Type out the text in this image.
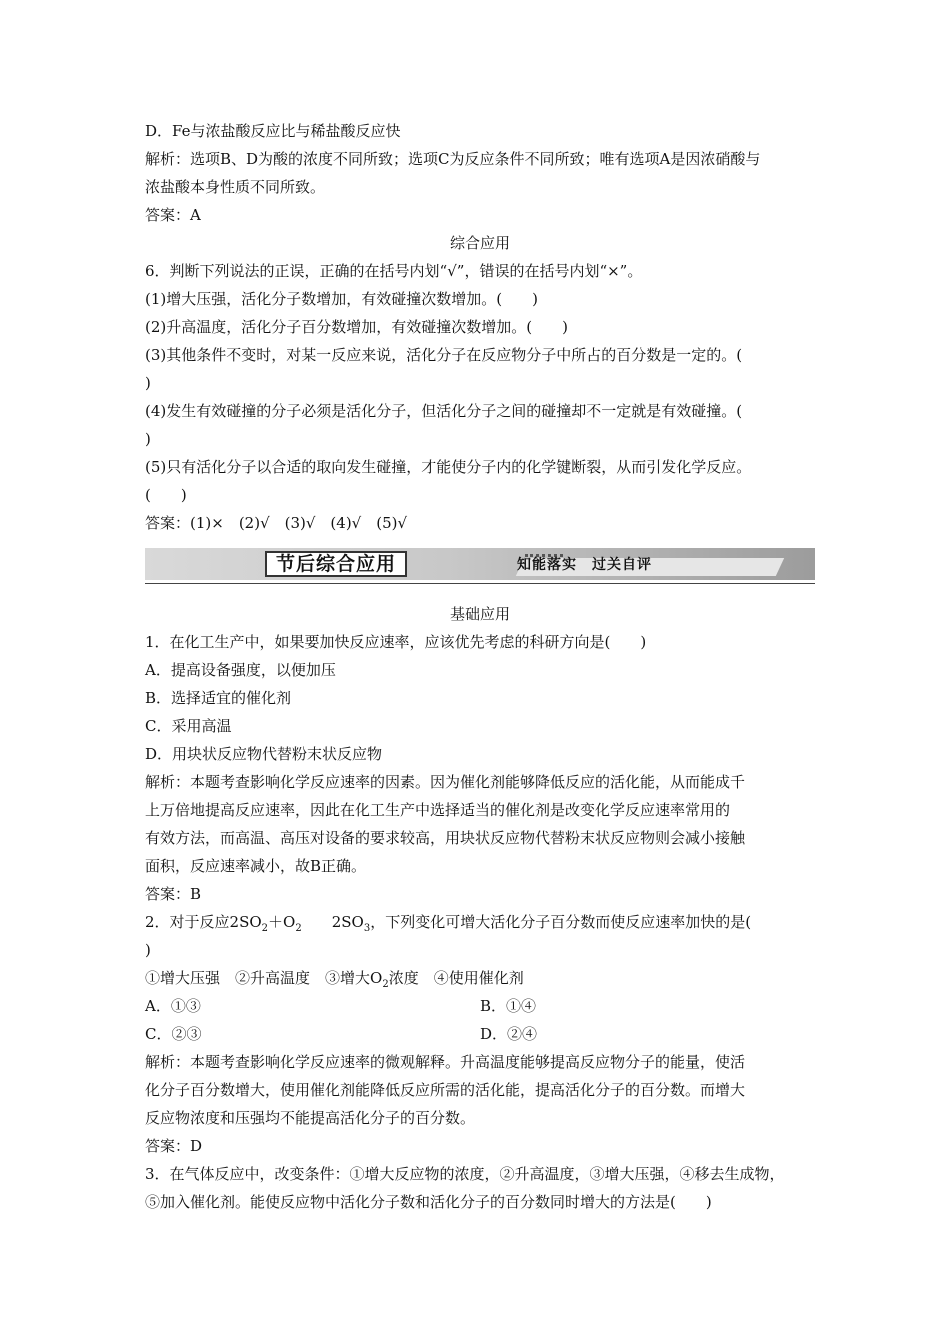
D．Fe与浓盐酸反应比与稀盐酸反应快
解析：选项B、D为酸的浓度不同所致；选项C为反应条件不同所致；唯有选项A是因浓硝酸与
浓盐酸本身性质不同所致。
答案：A
综合应用
6．判断下列说法的正误，正确的在括号内划“√”，错误的在括号内划“×”。
(1)增大压强，活化分子数增加，有效碰撞次数增加。(　　)
(2)升高温度，活化分子百分数增加，有效碰撞次数增加。(　　)
(3)其他条件不变时，对某一反应来说，活化分子在反应物分子中所占的百分数是一定的。(
)
(4)发生有效碰撞的分子必须是活化分子，但活化分子之间的碰撞却不一定就是有效碰撞。(
)
(5)只有活化分子以合适的取向发生碰撞，才能使分子内的化学键断裂，从而引发化学反应。
(　　)
答案：(1)×　(2)√　(3)√　(4)√　(5)√
节后综合应用	知能落实　过关自评
基础应用
1．在化工生产中，如果要加快反应速率，应该优先考虑的科研方向是(　　)
A．提高设备强度，以便加压
B．选择适宜的催化剂
C．采用高温
D．用块状反应物代替粉末状反应物
解析：本题考查影响化学反应速率的因素。因为催化剂能够降低反应的活化能，从而能成千
上万倍地提高反应速率，因此在化工生产中选择适当的催化剂是改变化学反应速率常用的
有效方法，而高温、高压对设备的要求较高，用块状反应物代替粉末状反应物则会减小接触
面积，反应速率减小，故B正确。
答案：B
2．对于反应$2SO_2+O_2$　　$2SO_3$，下列变化可增大活化分子百分数而使反应速率加快的是(
)
①增大压强　②升高温度　③增大$O_2$浓度　④使用催化剂
A．①③	B．①④
C．②③	D．②④
解析：本题考查影响化学反应速率的微观解释。升高温度能够提高反应物分子的能量，使活
化分子百分数增大，使用催化剂能降低反应所需的活化能，提高活化分子的百分数。而增大
反应物浓度和压强均不能提高活化分子的百分数。
答案：D
3．在气体反应中，改变条件：①增大反应物的浓度，②升高温度，③增大压强，④移去生成物，
⑤加入催化剂。能使反应物中活化分子数和活化分子的百分数同时增大的方法是(　　)
